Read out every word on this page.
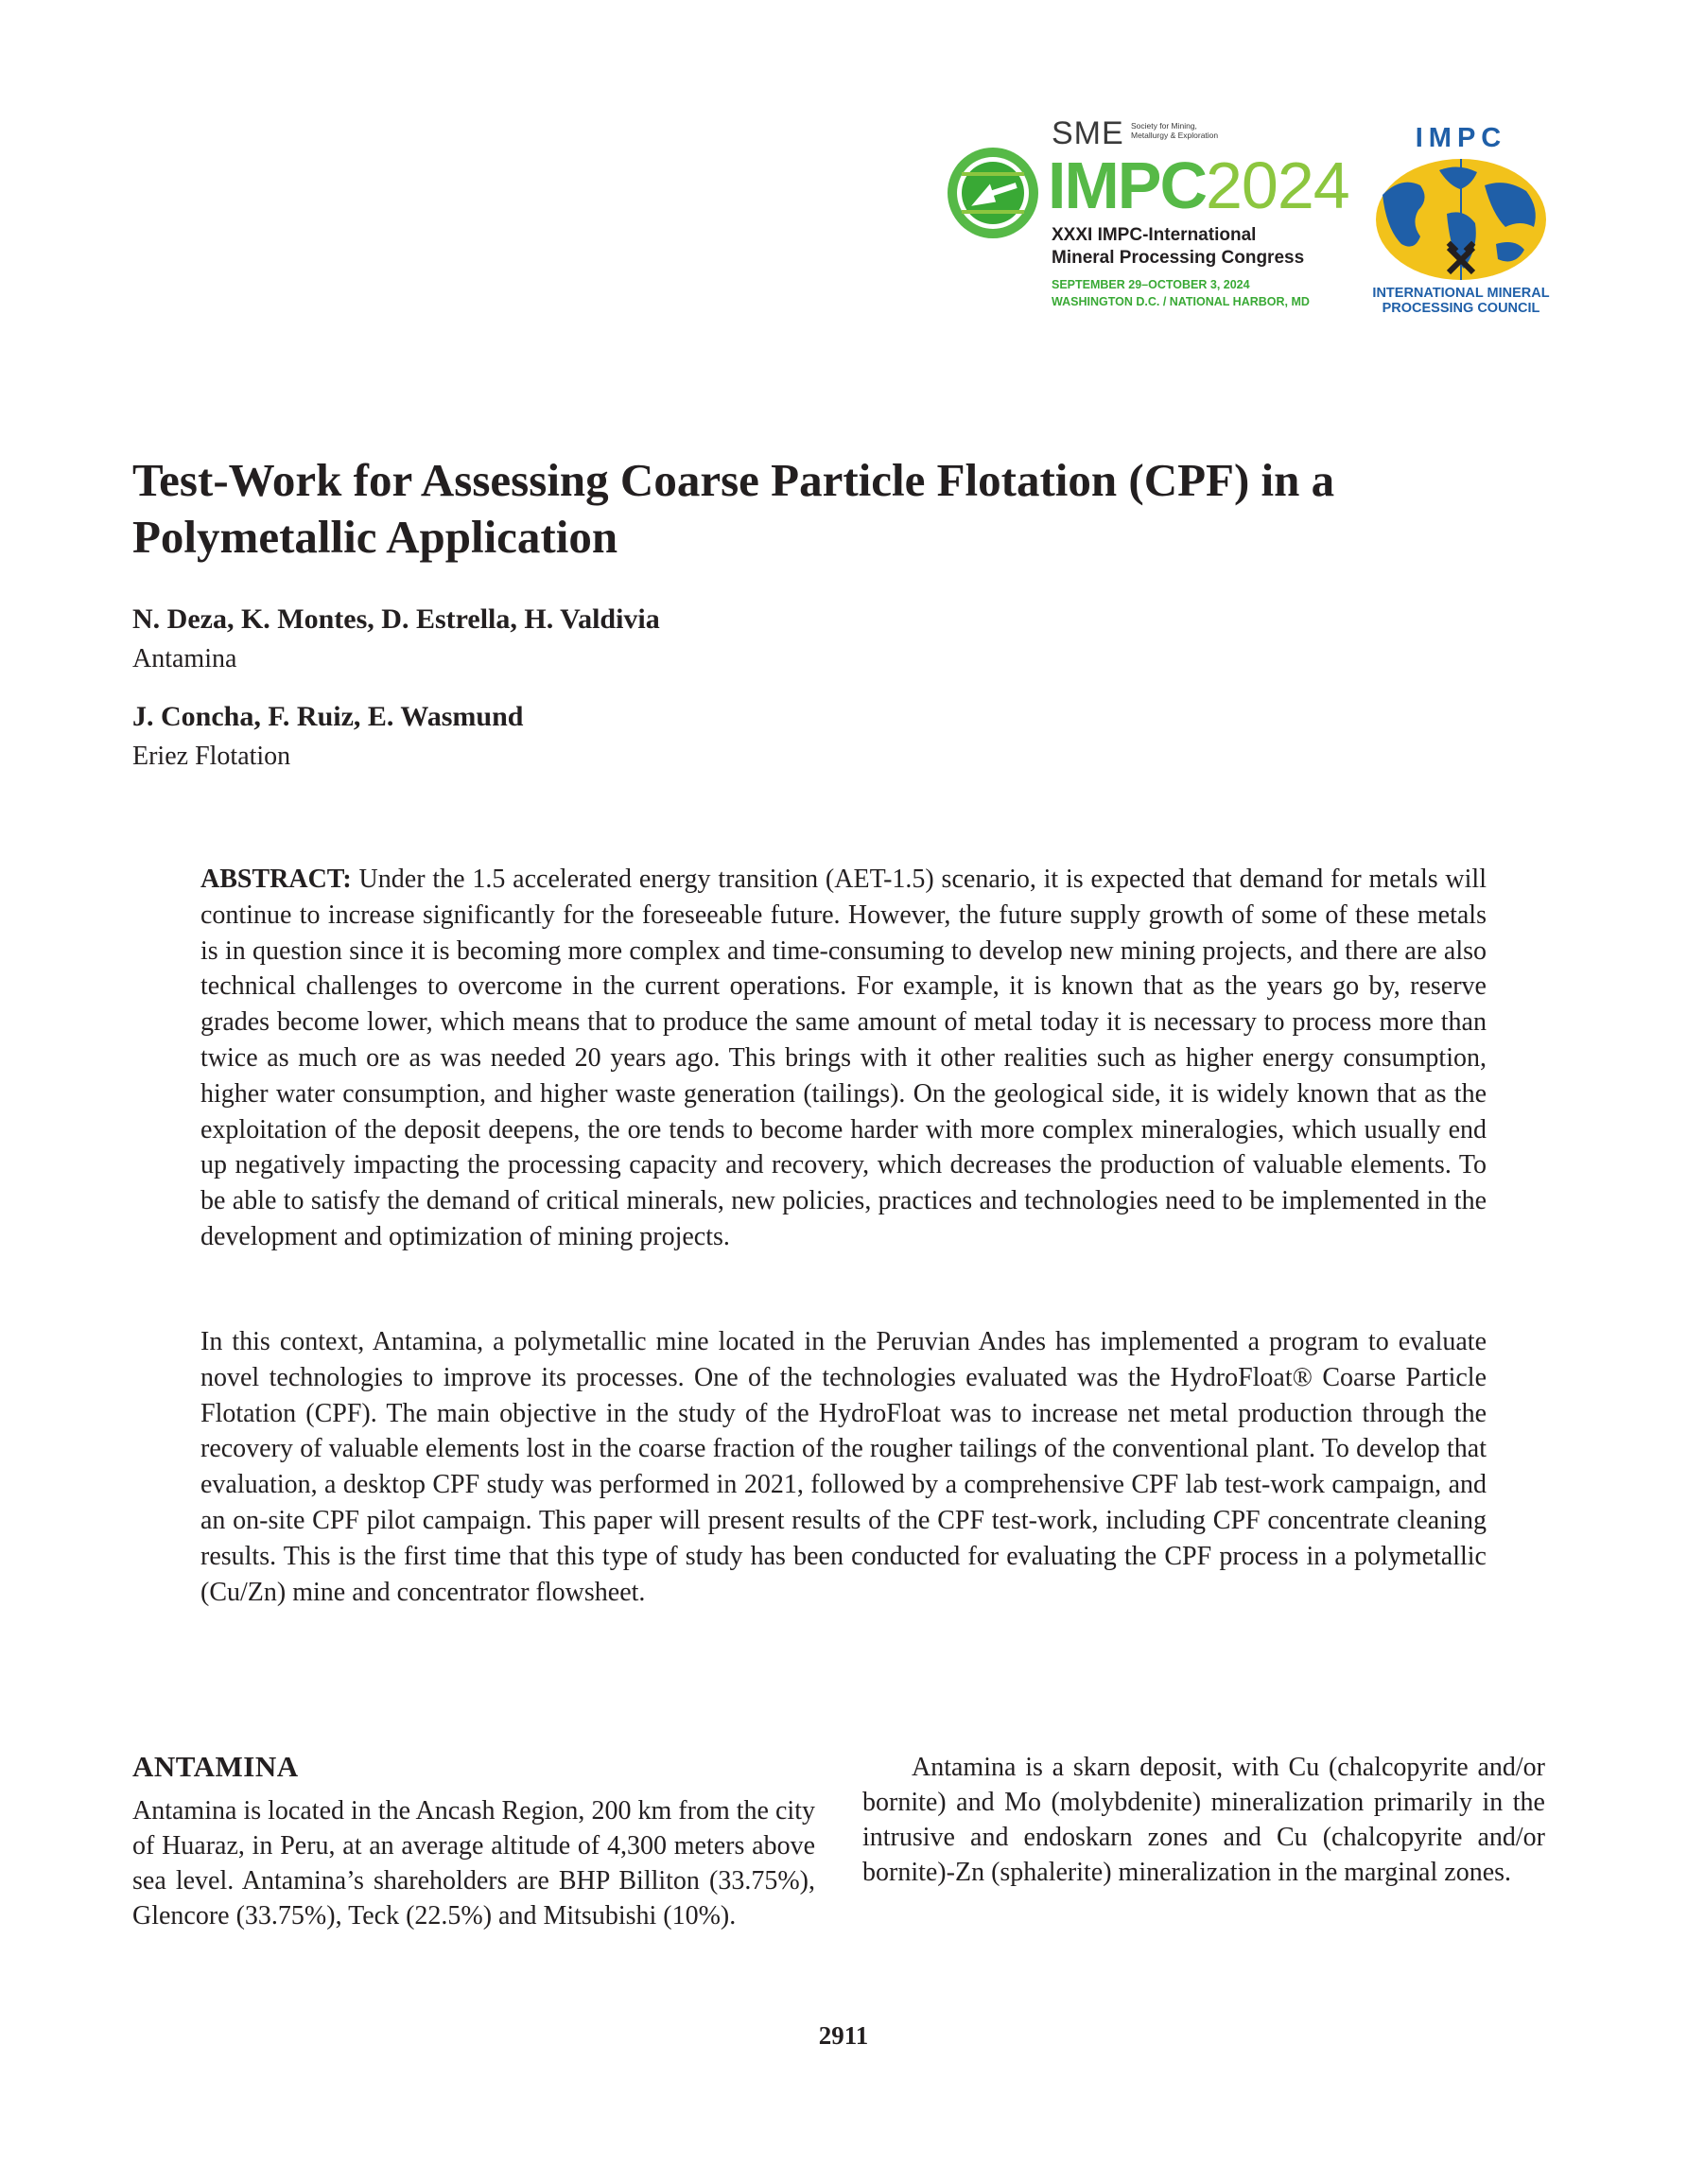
SME Society for Mining, Metallurgy & Exploration
IMPC2024
XXXI IMPC-International
Mineral Processing Congress
SEPTEMBER 29–OCTOBER 3, 2024
WASHINGTON D.C. / NATIONAL HARBOR, MD
IMPC
INTERNATIONAL MINERAL
PROCESSING COUNCIL
Test-Work for Assessing Coarse Particle Flotation (CPF) in a Polymetallic Application

N. Deza, K. Montes, D. Estrella, H. Valdivia

Antamina

J. Concha, F. Ruiz, E. Wasmund

Eriez Flotation

ABSTRACT: Under the 1.5 accelerated energy transition (AET-1.5) scenario, it is expected that demand for metals will continue to increase significantly for the foreseeable future. However, the future supply growth of some of these metals is in question since it is becoming more complex and time-consuming to develop new mining projects, and there are also technical challenges to overcome in the current operations. For example, it is known that as the years go by, reserve grades become lower, which means that to produce the same amount of metal today it is necessary to process more than twice as much ore as was needed 20 years ago. This brings with it other realities such as higher energy consumption, higher water consumption, and higher waste generation (tailings). On the geological side, it is widely known that as the exploitation of the deposit deepens, the ore tends to become harder with more complex mineralogies, which usually end up negatively impacting the processing capacity and recovery, which decreases the production of valuable elements. To be able to satisfy the demand of critical minerals, new policies, practices and technologies need to be implemented in the development and optimization of mining projects.

In this context, Antamina, a polymetallic mine located in the Peruvian Andes has implemented a program to evaluate novel technologies to improve its processes. One of the technologies evaluated was the HydroFloat® Coarse Particle Flotation (CPF). The main objective in the study of the HydroFloat was to increase net metal production through the recovery of valuable elements lost in the coarse fraction of the rougher tailings of the conventional plant. To develop that evaluation, a desktop CPF study was performed in 2021, followed by a comprehensive CPF lab test-work campaign, and an on-site CPF pilot campaign. This paper will present results of the CPF test-work, including CPF concentrate cleaning results. This is the first time that this type of study has been conducted for evaluating the CPF process in a polymetallic (Cu/Zn) mine and concentrator flowsheet.

ANTAMINA

Antamina is located in the Ancash Region, 200 km from the city of Huaraz, in Peru, at an average altitude of 4,300 meters above sea level. Antamina’s shareholders are BHP Billiton (33.75%), Glencore (33.75%), Teck (22.5%) and Mitsubishi (10%).

Antamina is a skarn deposit, with Cu (chalcopyrite and/or bornite) and Mo (molybdenite) mineralization primarily in the intrusive and endoskarn zones and Cu (chalcopyrite and/or bornite)-Zn (sphalerite) mineralization in the marginal zones.

2911
